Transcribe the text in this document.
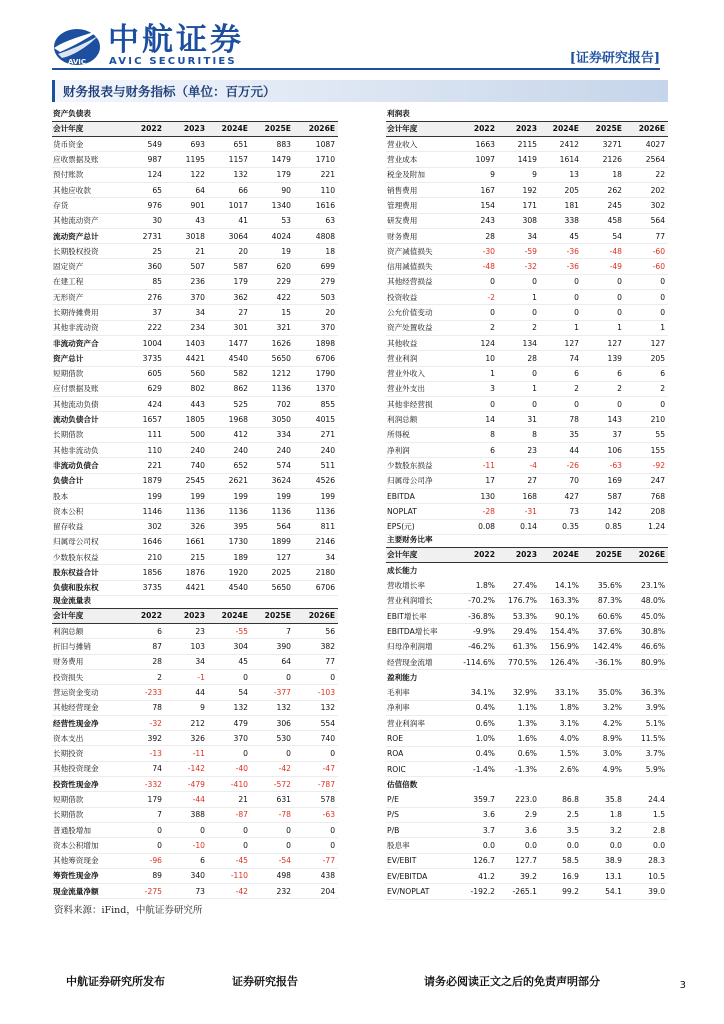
AVIC
中航证券
AVIC SECURITIES	[证券研究报告]
财务报表与财务指标（单位：百万元）
资产负债表					
会计年度	2022	2023	2024E	2025E	2026E
货币资金	549	693	651	883	1087
应收票据及账	987	1195	1157	1479	1710
预付账款	124	122	132	179	221
其他应收款	65	64	66	90	110
存货	976	901	1017	1340	1616
其他流动资产	30	43	41	53	63
流动资产总计	2731	3018	3064	4024	4808
长期股权投资	25	21	20	19	18
固定资产	360	507	587	620	699
在建工程	85	236	179	229	279
无形资产	276	370	362	422	503
长期待摊费用	37	34	27	15	20
其他非流动资	222	234	301	321	370
非流动资产合	1004	1403	1477	1626	1898
资产总计	3735	4421	4540	5650	6706
短期借款	605	560	582	1212	1790
应付票据及账	629	802	862	1136	1370
其他流动负债	424	443	525	702	855
流动负债合计	1657	1805	1968	3050	4015
长期借款	111	500	412	334	271
其他非流动负	110	240	240	240	240
非流动负债合	221	740	652	574	511
负债合计	1879	2545	2621	3624	4526
股本	199	199	199	199	199
资本公积	1146	1136	1136	1136	1136
留存收益	302	326	395	564	811
归属母公司权	1646	1661	1730	1899	2146
少数股东权益	210	215	189	127	34
股东权益合计	1856	1876	1920	2025	2180
负债和股东权	3735	4421	4540	5650	6706
现金流量表					
会计年度	2022	2023	2024E	2025E	2026E
利润总额	6	23	-55	7	56
折旧与摊销	87	103	304	390	382
财务费用	28	34	45	64	77
投资损失	2	-1	0	0	0
营运资金变动	-233	44	54	-377	-103
其他经营现金	78	9	132	132	132
经营性现金净	-32	212	479	306	554
资本支出	392	326	370	530	740
长期投资	-13	-11	0	0	0
其他投资现金	74	-142	-40	-42	-47
投资性现金净	-332	-479	-410	-572	-787
短期借款	179	-44	21	631	578
长期借款	7	388	-87	-78	-63
普通股增加	0	0	0	0	0
资本公积增加	0	-10	0	0	0
其他筹资现金	-96	6	-45	-54	-77
筹资性现金净	89	340	-110	498	438
现金流量净额	-275	73	-42	232	204
利润表					
会计年度	2022	2023	2024E	2025E	2026E
营业收入	1663	2115	2412	3271	4027
营业成本	1097	1419	1614	2126	2564
税金及附加	9	9	13	18	22
销售费用	167	192	205	262	202
管理费用	154	171	181	245	302
研发费用	243	308	338	458	564
财务费用	28	34	45	54	77
资产减值损失	-30	-59	-36	-48	-60
信用减值损失	-48	-32	-36	-49	-60
其他经营损益	0	0	0	0	0
投资收益	-2	1	0	0	0
公允价值变动	0	0	0	0	0
资产处置收益	2	2	1	1	1
其他收益	124	134	127	127	127
营业利润	10	28	74	139	205
营业外收入	1	0	6	6	6
营业外支出	3	1	2	2	2
其他非经营损	0	0	0	0	0
利润总额	14	31	78	143	210
所得税	8	8	35	37	55
净利润	6	23	44	106	155
少数股东损益	-11	-4	-26	-63	-92
归属母公司净	17	27	70	169	247
EBITDA	130	168	427	587	768
NOPLAT	-28	-31	73	142	208
EPS(元)	0.08	0.14	0.35	0.85	1.24
主要财务比率					
会计年度	2022	2023	2024E	2025E	2026E
成长能力					
营收增长率	1.8%	27.4%	14.1%	35.6%	23.1%
营业利润增长	-70.2%	176.7%	163.3%	87.3%	48.0%
EBIT增长率	-36.8%	53.3%	90.1%	60.6%	45.0%
EBITDA增长率	-9.9%	29.4%	154.4%	37.6%	30.8%
归母净利润增	-46.2%	61.3%	156.9%	142.4%	46.6%
经营现金流增	-114.6%	770.5%	126.4%	-36.1%	80.9%
盈利能力					
毛利率	34.1%	32.9%	33.1%	35.0%	36.3%
净利率	0.4%	1.1%	1.8%	3.2%	3.9%
营业利润率	0.6%	1.3%	3.1%	4.2%	5.1%
ROE	1.0%	1.6%	4.0%	8.9%	11.5%
ROA	0.4%	0.6%	1.5%	3.0%	3.7%
ROIC	-1.4%	-1.3%	2.6%	4.9%	5.9%
估值倍数					
P/E	359.7	223.0	86.8	35.8	24.4
P/S	3.6	2.9	2.5	1.8	1.5
P/B	3.7	3.6	3.5	3.2	2.8
股息率	0.0	0.0	0.0	0.0	0.0
EV/EBIT	126.7	127.7	58.5	38.9	28.3
EV/EBITDA	41.2	39.2	16.9	13.1	10.5
EV/NOPLAT	-192.2	-265.1	99.2	54.1	39.0
资料来源：iFind，中航证券研究所
中航证券研究所发布	证券研究报告	请务必阅读正文之后的免责声明部分	3
